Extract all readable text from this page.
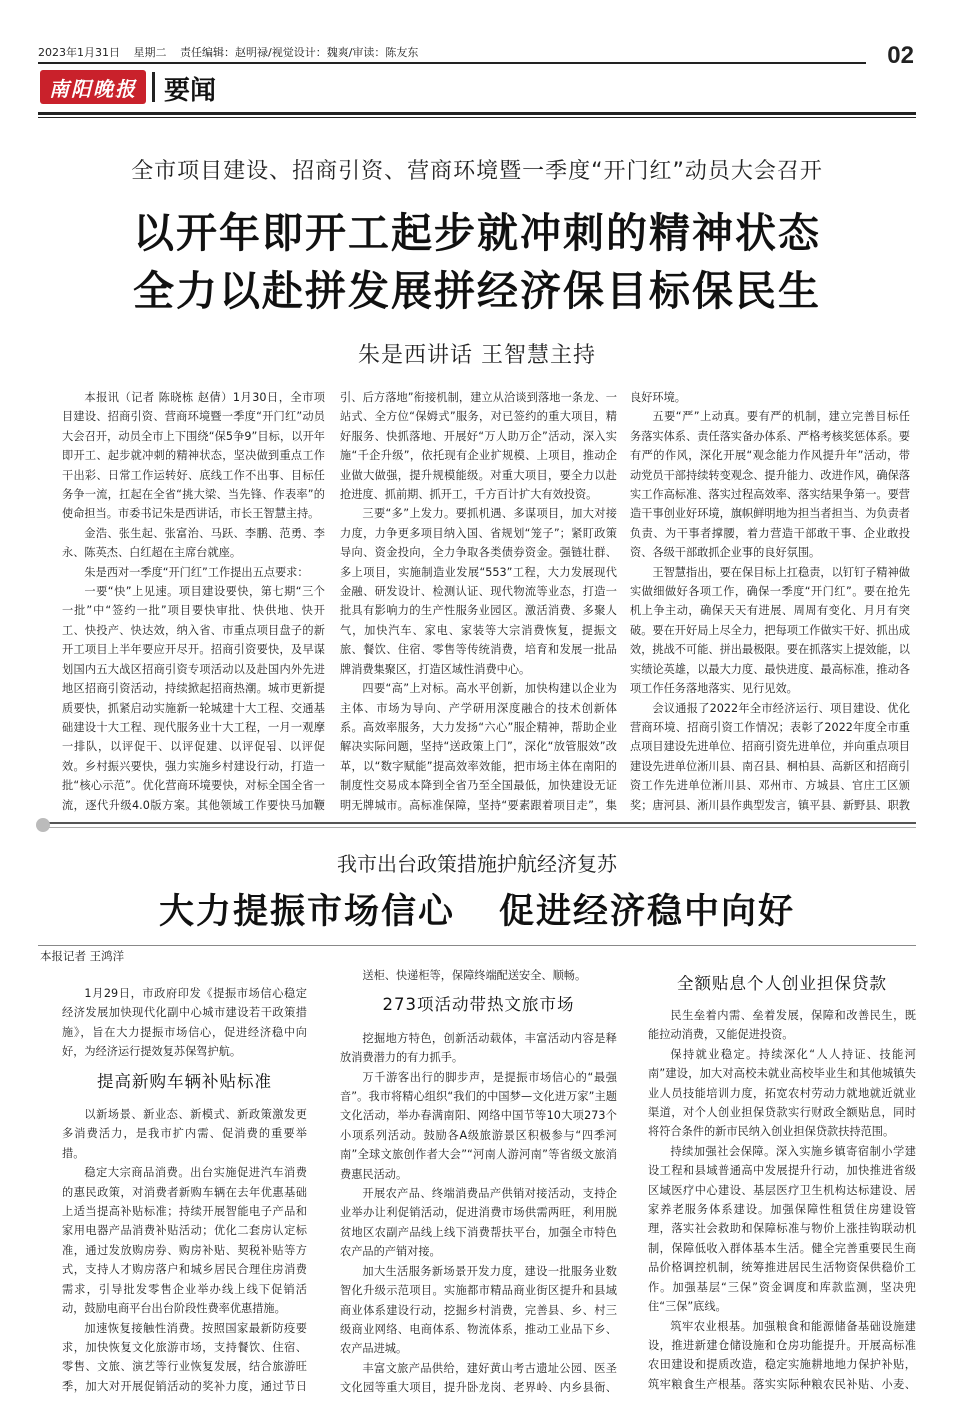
2023年1月31日 星期二 责任编辑：赵明禄/视觉设计：魏爽/审读：陈友东	02
南阳晚报	要闻
全市项目建设、招商引资、营商环境暨一季度“开门红”动员大会召开
以开年即开工起步就冲刺的精神状态
全力以赴拼发展拼经济保目标保民生
朱是西讲话 王智慧主持

本报讯（记者 陈晓栋 赵倩）1月30日，全市项目建设、招商引资、营商环境暨一季度“开门红”动员大会召开，动员全市上下围绕“保5争9”目标，以开年即开工、起步就冲刺的精神状态，坚决做到重点工作干出彩、日常工作运转好、底线工作不出事、目标任务争一流，扛起在全省“挑大梁、当先锋、作表率”的使命担当。市委书记朱是西讲话，市长王智慧主持。

金浩、张生起、张富治、马跃、李鹏、范勇、李永、陈英杰、白红超在主席台就座。

朱是西对一季度“开门红”工作提出五点要求：

一要“快”上见速。项目建设要快，第七期“三个一批”中“签约一批”项目要快审批、快供地、快开工、快投产、快达效，纳入省、市重点项目盘子的新开工项目上半年要应开尽开。招商引资要快，及早谋划国内五大战区招商引资专项活动以及赴国内外先进地区招商引资活动，持续掀起招商热潮。城市更新提质要快，抓紧启动实施新一轮城建十大工程、交通基础建设十大工程、现代服务业十大工程，一月一观摩一排队，以评促干、以评促建、以评促됨、以评促效。乡村振兴要快，强力实施乡村建设行动，打造一批“核心示范”。优化营商环境要快，对标全国全省一流，逐代升级4.0版方案。其他领域工作要快马加鞭

引、后方落地”衔接机制，建立从洽谈到落地一条龙、一站式、全方位“保姆式”服务，对已签约的重大项目，精好服务、快抓落地、开展好“万人助万企”活动，深入实施“千企升级”，依托现有企业扩规模、上项目，推动企业做大做强，提升规模能级。对重大项目，要全力以赴抢进度、抓前期、抓开工，千方百计扩大有效投资。

三要“多”上发力。要抓机遇、多谋项目，加大对接力度，力争更多项目纳入国、省规划“笼子”；紧盯政策导向、资金投向，全力争取各类债券资金。强链壮群、多上项目，实施制造业发展“553”工程，大力发展现代金融、研发设计、检测认证、现代物流等业态，打造一批具有影响力的生产性服务业园区。激活消费、多聚人气，加快汽车、家电、家装等大宗消费恢复，提振文旅、餐饮、住宿、零售等传统消费，培育和发展一批品牌消费集聚区，打造区域性消费中心。

四要“高”上对标。高水平创新，加快构建以企业为主体、市场为导向、产学研用深度融合的技术创新体系。高效率服务，大力发扬“六心”服企精神，帮助企业解决实际问题，坚持“送政策上门”，深化“放管服效”改革，以“数字赋能”提高效率效能，把市场主体在南阳的制度性交易成本降到全省乃至全国最低，加快建设无证明无牌城市。高标准保障，坚持“要素跟着项目走”，集

良好环境。

五要“严”上动真。要有严的机制，建立完善目标任务落实体系、责任落实备办体系、严格考核奖惩体系。要有严的作风，深化开展“观念能力作风提升年”活动，带动党员干部持续转变观念、提升能力、改进作风，确保落实工作高标准、落实过程高效率、落实结果争第一。要营造干事创业好环境，旗帜鲜明地为担当者担当、为负责者负责、为干事者撑腰，着力营造干部敢干事、企业敢投资、各级干部敢抓企业事的良好氛围。

王智慧指出，要在保目标上扛稳责，以钉钉子精神做实做细做好各项工作，确保一季度“开门红”。要在抢先机上争主动，确保天天有进展、周周有变化、月月有突破。要在开好局上尽全力，把每项工作做实干好、抓出成效，挑战不可能、拼出最极限。要在抓落实上提效能，以实绩论英雄，以最大力度、最快进度、最高标准，推动各项工作任务落地落实、见行见效。

会议通报了2022年全市经济运行、项目建设、优化营商环境、招商引资工作情况；表彰了2022年度全市重点项目建设先进单位、招商引资先进单位，并向重点项目建设先进单位淅川县、南召县、桐柏县、高新区和招商引资工作先进单位淅川县、邓州市、方城县、官庄工区颁奖；唐河县、淅川县作典型发言，镇平县、新野县、职教

我市出台政策措施护航经济复苏
大力提振市场信心 促进经济稳中向好
本报记者 王鸿洋

1月29日，市政府印发《提振市场信心稳定经济发展加快现代化副中心城市建设若干政策措施》，旨在大力提振市场信心，促进经济稳中向好，为经济运行提效复苏保驾护航。

提高新购车辆补贴标准

以新场景、新业态、新模式、新政策激发更多消费活力，是我市扩内需、促消费的重要举措。

稳定大宗商品消费。出台实施促进汽车消费的惠民政策，对消费者新购车辆在去年优惠基础上适当提高补贴标准；持续开展智能电子产品和家用电器产品消费补贴活动；优化二套房认定标准，通过发放购房券、购房补贴、契税补贴等方式，支持人才购房落户和城乡居民合理住房消费需求，引导批发零售企业举办线上线下促销活动，鼓励电商平台出台阶段性费率优惠措施。

加速恢复接触性消费。按照国家最新防疫要求，加快恢复文化旅游市场，支持餐饮、住宿、零售、文旅、演艺等行业恢复发展，结合旅游旺季，加大对开展促销活动的奖补力度，通过节日

送柜、快递柜等，保障终端配送安全、顺畅。

273项活动带热文旅市场

挖掘地方特色，创新活动载体，丰富活动内容是释放消费潜力的有力抓手。

万千游客出行的脚步声，是提振市场信心的“最强音”。我市将精心组织“我们的中国梦—文化进万家”主题文化活动，举办春满南阳、网络中国节等10大项273个小项系列活动。鼓励各A级旅游景区积极参与“四季河南”全球文旅创作者大会”“河南人游河南”等省级文旅消费惠民活动。

开展农产品、终端消费品产供销对接活动，支持企业举办让利促销活动，促进消费市场供需两旺，利用脱贫地区农副产品线上线下消费帮扶平台，加强全市特色农产品的产销对接。

加大生活服务新场景开发力度，建设一批服务业数智化升级示范项目。实施都市精品商业街区提升和县域商业体系建设行动，挖掘乡村消费，完善县、乡、村三级商业网络、电商体系、物流体系，推动工业品下乡、农产品进城。

丰富文旅产品供给，建好黄山考古遗址公园、医圣文化园等重大项目，提升卧龙岗、老界岭、内乡县衙、

全额贴息个人创业担保贷款

民生垒着内需、垒着发展，保障和改善民生，既能拉动消费，又能促进投资。

保持就业稳定。持续深化“人人持证、技能河南”建设，加大对高校未就业高校毕业生和其他城镇失业人员技能培训力度，拓宽农村劳动力就地就近就业渠道，对个人创业担保贷款实行财政全额贴息，同时将符合条件的新市民纳入创业担保贷款扶持范围。

持续加强社会保障。深入实施乡镇寄宿制小学建设工程和县域普通高中发展提升行动，加快推进省级区域医疗中心建设、基层医疗卫生机构达标建设、居家养老服务体系建设。加强保障性租赁住房建设管理，落实社会救助和保障标准与物价上涨挂钩联动机制，保障低收入群体基本生活。健全完善重要民生商品价格调控机制，统筹推进居民生活物资保供稳价工作。加强基层“三保”资金调度和库款监测，坚决兜住“三保”底线。

筑牢农业根基。加强粮食和能源储备基础设施建设，推进新建仓储设施和仓房功能提升。开展高标准农田建设和提质改造，稳定实施耕地地力保护补贴，筑牢粮食生产根基。落实实际种粮农民补贴、小麦、
